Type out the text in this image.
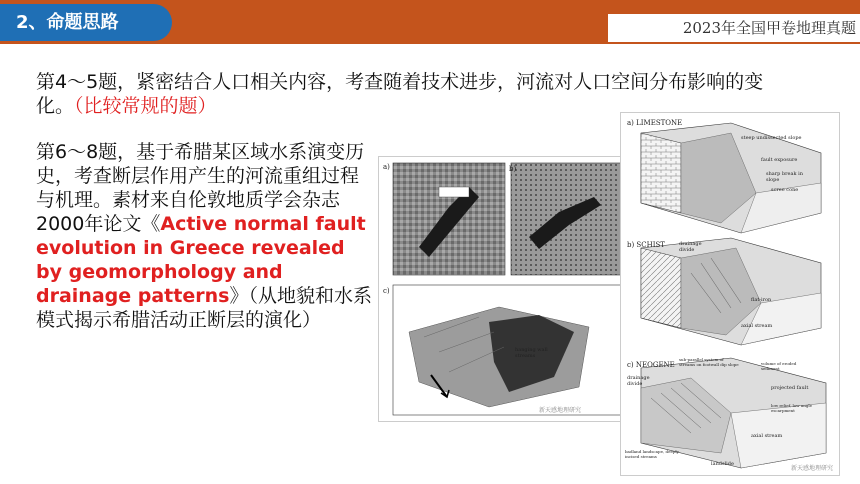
2、命题思路	2023年全国甲卷地理真题
第4～5题，紧密结合人口相关内容，考查随着技术进步，河流对人口空间分布影响的变化。（比较常规的题）
第6～8题，基于希腊某区域水系演变历史，考查断层作用产生的河流重组过程与机理。素材来自伦敦地质学会杂志2000年论文《Active normal fault evolution in Greece revealed by geomorphology and drainage patterns》（从地貌和水系模式揭示希腊活动正断层的演化）
a)	b)
c)
hanging wall streams
新天感地理研究
a) LIMESTONE
steep undissected slope
fault exposure
sharp break in slope
scree cone
b) SCHIST	drainage divide
flat-iron
axial stream
c) NEOGENE
sub-parallel system of streams on footwall dip slope	volume of eroded sediment
drainage divide
projected fault
low relief, low angle escarpment
axial stream
badland landscape, deeply incised streams
landslide
新天感地理研究
